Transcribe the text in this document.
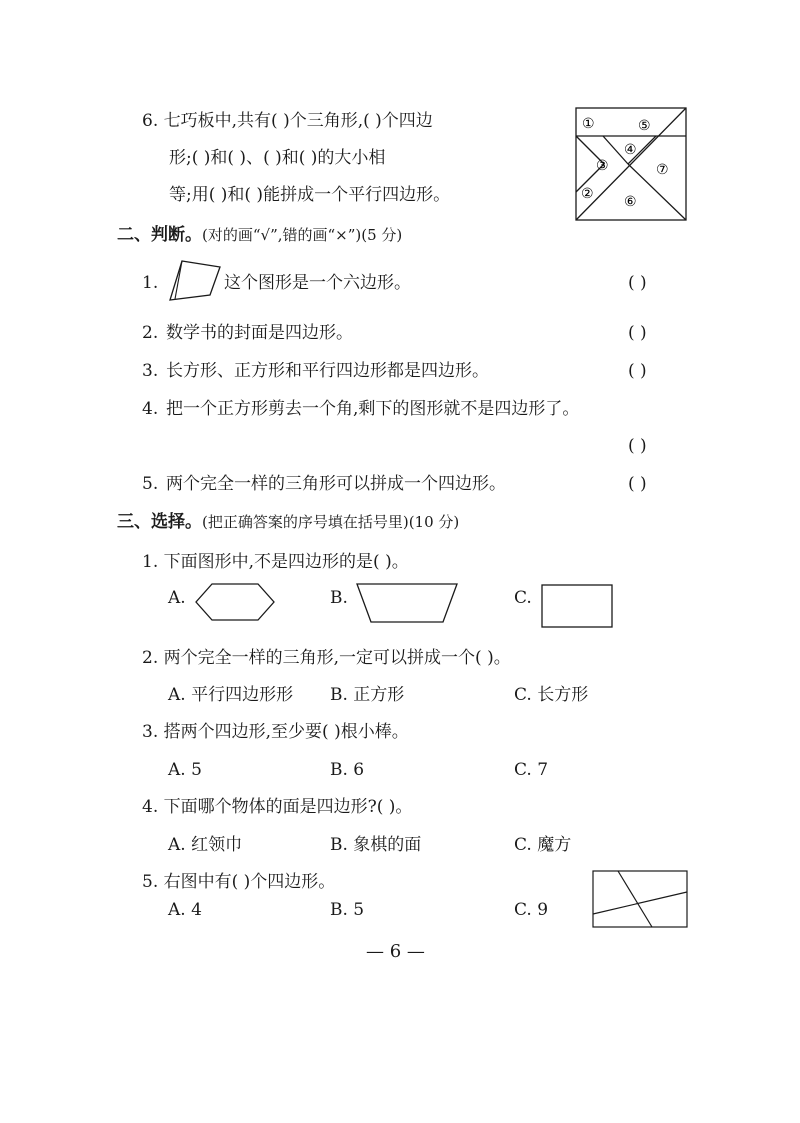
6. 七巧板中,共有( )个三角形,( )个四边
形;( )和( )、( )和( )的大小相
等;用( )和( )能拼成一个平行四边形。
①	⑤
④
③	⑦
② ⑥
二、判断。(对的画“√”,错的画“×”)(5 分)
1.	这个图形是一个六边形。	( )
2. 数学书的封面是四边形。	( )
3. 长方形、正方形和平行四边形都是四边形。	( )
4. 把一个正方形剪去一个角,剩下的图形就不是四边形了。
( )
5. 两个完全一样的三角形可以拼成一个四边形。	( )
三、选择。(把正确答案的序号填在括号里)(10 分)
1. 下面图形中,不是四边形的是( )。
A.	B.	C.
2. 两个完全一样的三角形,一定可以拼成一个( )。
A. 平行四边形形 B. 正方形	C. 长方形
3. 搭两个四边形,至少要( )根小棒。
A. 5	B. 6	C. 7
4. 下面哪个物体的面是四边形?( )。
A. 红领巾	B. 象棋的面	C. 魔方
5. 右图中有( )个四边形。
A. 4	B. 5	C. 9
— 6 —
